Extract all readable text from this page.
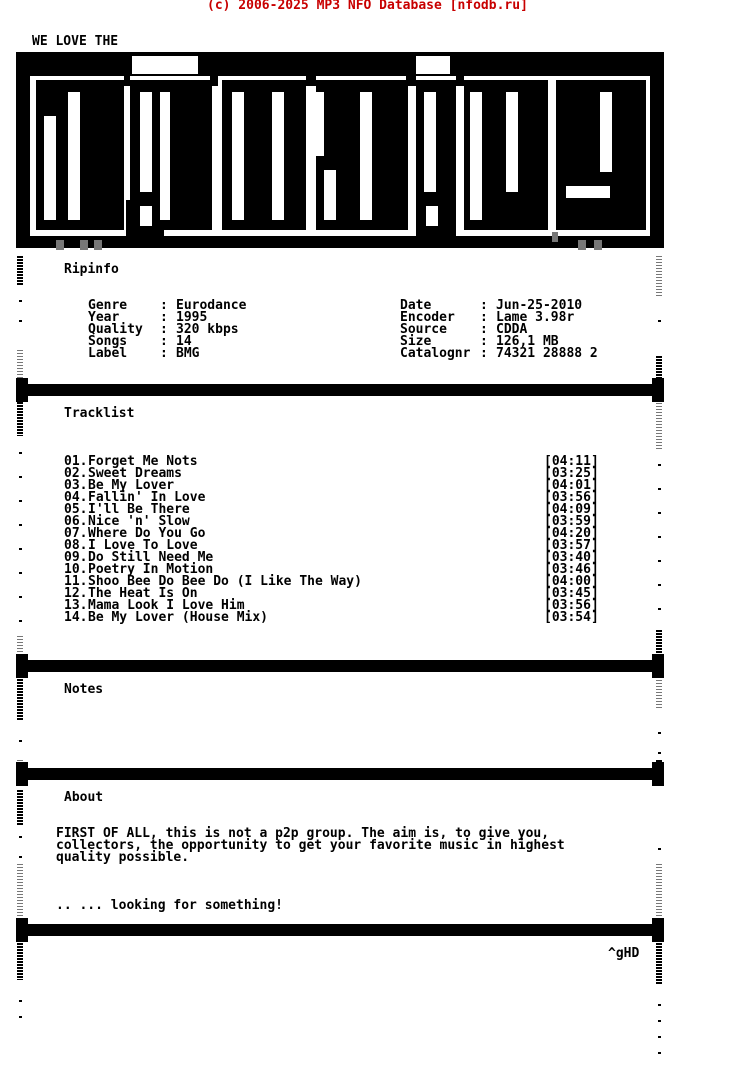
(c) 2006-2025 MP3 NFO Database [nfodb.ru]
WE LOVE THE
Ripinfo
Tracklist
Notes
About
FIRST OF ALL, this is not a p2p group. The aim is, to give you,
collectors, the opportunity to get your favorite music in highest
quality possible.
.. ... looking for something!
^gHD
Genre	: Eurodance
Year	: 1995
Quality : 320 kbps
Songs	: 14
Label	: BMG
Date	: Jun-25-2010
Encoder : Lame 3.98r
Source	: CDDA
Size	: 126,1 MB
Catalognr : 74321 28888 2
01. Forget Me Nots	[04:11]
02. Sweet Dreams	[03:25]
03. Be My Lover	[04:01]
04. Fallin' In Love	[03:56]
05. I'll Be There	[04:09]
06. Nice 'n' Slow	[03:59]
07. Where Do You Go	[04:20]
08. I Love To Love	[03:57]
09. Do Still Need Me	[03:40]
10. Poetry In Motion	[03:46]
11. Shoo Bee Do Bee Do (I Like The Way)	[04:00]
12. The Heat Is On	[03:45]
13. Mama Look I Love Him	[03:56]
14. Be My Lover (House Mix)	[03:54]
